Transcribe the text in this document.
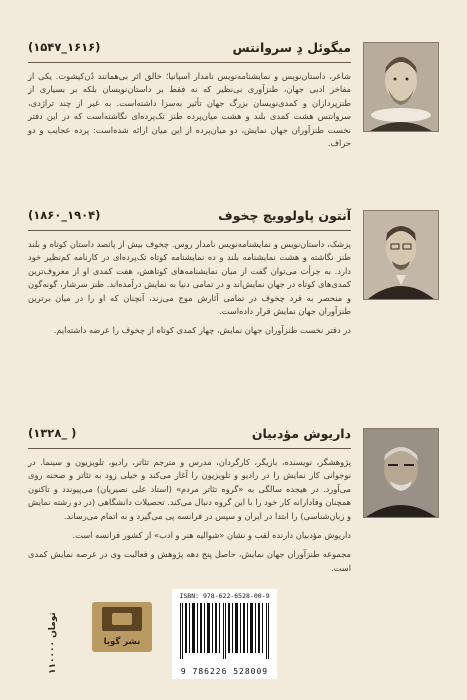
میگوئل دِ سروانتس
(۱۵۴۷_۱۶۱۶)

شاعر، داستان‌نویس و نمایشنامه‌نویس نامدار اسپانیا؛ خالق اثر بی‌همانند دُن‌کیشوت. یکی از مفاخر ادبی جهان، طنزآوری بی‌نظیر که نه فقط بر داستان‌نویسان بلکه بر بسیاری از طنزپردازان و کمدی‌نویسان بزرگ جهان تأثیر به‌سزا داشته‌است. به غیر از چند تراژدی، سروانتس هشت کمدی بلند و هشت میان‌پرده طنز تک‌پرده‌ای نگاشته‌است که در این دفتر نخست طنزآوران جهان نمایش، دو میان‌پرده از این میان ارائه شده‌است: پرده عجایب و دو حراف.

آنتون پاولوویچ چخوف
(۱۸۶۰_۱۹۰۴)

پزشک، داستان‌نویس و نمایشنامه‌نویس نامدار روس. چخوف بیش از پانصد داستان کوتاه و بلند طنز نگاشته و هشت نمایشنامه بلند و ده نمایشنامه کوتاه تک‌پرده‌ای در کارنامه کم‌نظیر خود دارد. به جرأت می‌توان گفت از میان نمایشنامه‌های کوتاهش، هفت کمدی او از معروف‌ترین کمدی‌های کوتاه در جهان نمایش‌اند و در تمامی دنیا به نمایش درآمده‌اند. طنز سرشار، گونه‌گون و منحصر به فرد چخوف در تمامی آثارش موج می‌زند، آنچنان که او را در میان برترین طنزآوران جهان نمایش قرار داده‌است.

در دفتر نخست طنزآوران جهان نمایش، چهار کمدی کوتاه از چخوف را عرضه داشته‌ایم.

داریوش مؤدبیان
(۱۳۲۸_ )

پژوهشگر، نویسنده، بازیگر، کارگردان، مدرس و مترجم تئاتر، رادیو، تلویزیون و سینما. در نوجوانی کار نمایش را در رادیو و تلویزیون را آغاز می‌کند و خیلی زود به تئاتر و صحنه روی می‌آورد. در هیجده سالگی به «گروه تئاتر مردم» (استاد علی نصیریان) می‌پیوندد و تاکنون همچنان وفادارانه کار خود را با این گروه دنبال می‌کند. تحصیلات دانشگاهی (در دو رشته نمایش و زبان‌شناسی) را ابتدا در ایران و سپس در فرانسه پی می‌گیرد و به اتمام می‌رساند.

داریوش مؤدبیان دارنده لقب و نشان «شوالیه هنر و ادب» از کشور فرانسه است.

مجموعه طنزآوران جهان نمایش، حاصل پنج دهه پژوهش و فعالیت وی در عرصه نمایش کمدی است.

۱۱۰۰۰۰ تومان
نشر گویا
ISBN: 978-622-6528-00-9
9 786226 528009
